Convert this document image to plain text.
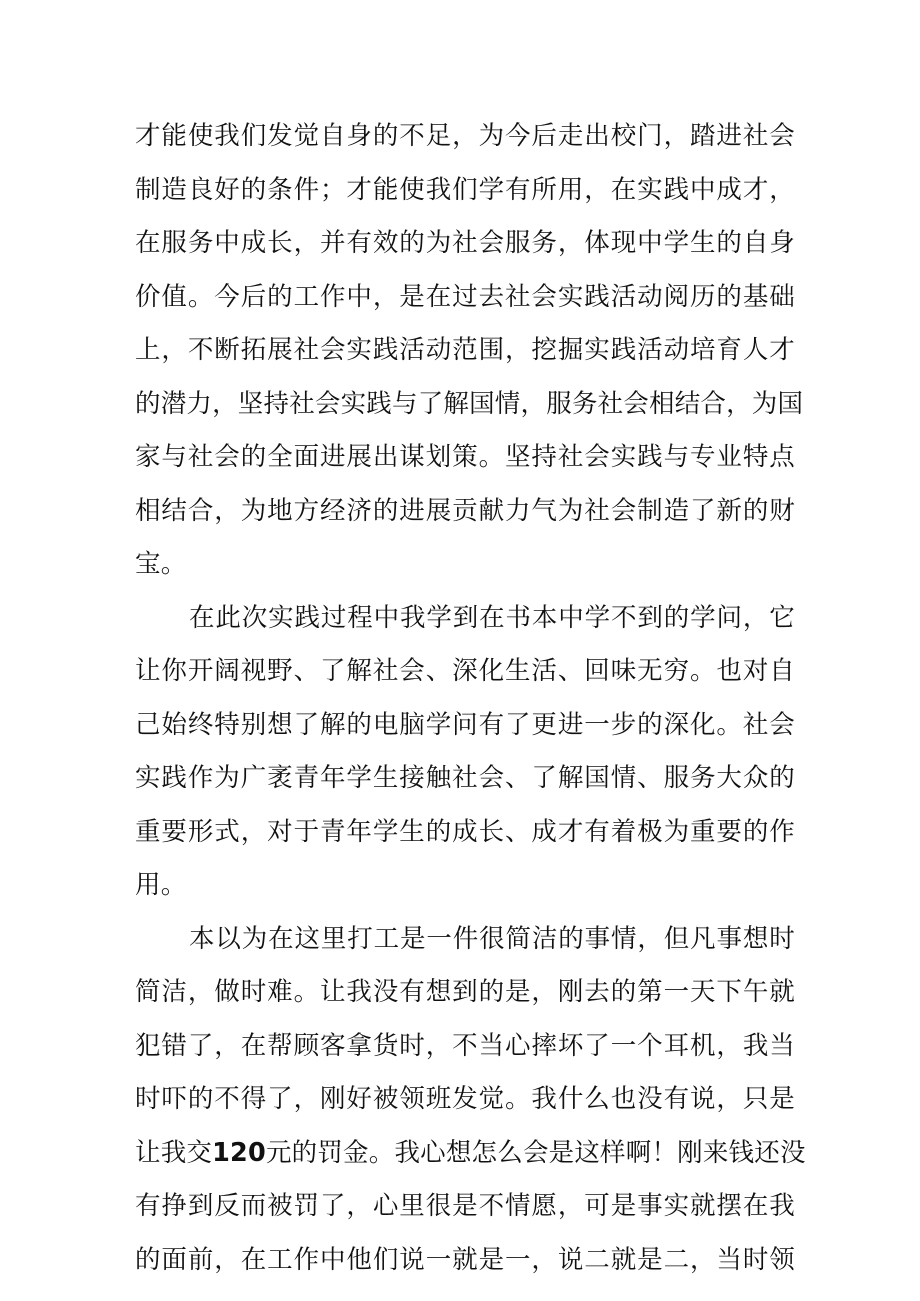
才能使我们发觉自身的不足，为今后走出校门，踏进社会
制造良好的条件；才能使我们学有所用，在实践中成才，
在服务中成长，并有效的为社会服务，体现中学生的自身
价值。今后的工作中，是在过去社会实践活动阅历的基础
上，不断拓展社会实践活动范围，挖掘实践活动培育人才
的潜力，坚持社会实践与了解国情，服务社会相结合，为国
家与社会的全面进展出谋划策。坚持社会实践与专业特点
相结合，为地方经济的进展贡献力气为社会制造了新的财
宝。
在此次实践过程中我学到在书本中学不到的学问，它
让你开阔视野、了解社会、深化生活、回味无穷。也对自
己始终特别想了解的电脑学问有了更进一步的深化。社会
实践作为广袤青年学生接触社会、了解国情、服务大众的
重要形式，对于青年学生的成长、成才有着极为重要的作
用。
本以为在这里打工是一件很简洁的事情，但凡事想时
简洁，做时难。让我没有想到的是，刚去的第一天下午就
犯错了，在帮顾客拿货时，不当心摔坏了一个耳机，我当
时吓的不得了，刚好被领班发觉。我什么也没有说，只是
让我交120元的罚金。我心想怎么会是这样啊！刚来钱还没
有挣到反而被罚了，心里很是不情愿，可是事实就摆在我
的面前，在工作中他们说一就是一，说二就是二，当时领
